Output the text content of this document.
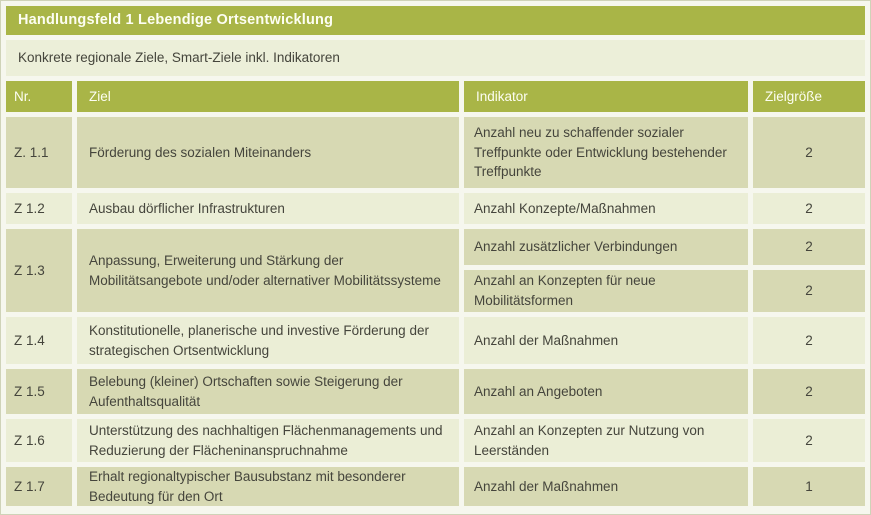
Handlungsfeld 1 Lebendige Ortsentwicklung			
Konkrete regionale Ziele, Smart-Ziele inkl. Indikatoren			
Nr.	Ziel	Indikator	Zielgröße
Z. 1.1	Förderung des sozialen Miteinanders	Anzahl neu zu schaffender sozialer Treffpunkte oder Entwicklung bestehender Treffpunkte	2
Z 1.2	Ausbau dörflicher Infrastrukturen	Anzahl Konzepte/Maßnahmen	2
Z 1.3	Anpassung, Erweiterung und Stärkung der Mobilitätsangebote und/oder alternativer Mobilitätssysteme	Anzahl zusätzlicher Verbindungen	2
		Anzahl an Konzepten für neue Mobilitätsformen	2
Z 1.4	Konstitutionelle, planerische und investive Förderung der strategischen Ortsentwicklung	Anzahl der Maßnahmen	2
Z 1.5	Belebung (kleiner) Ortschaften sowie Steigerung der Aufenthaltsqualität	Anzahl an Angeboten	2
Z 1.6	Unterstützung des nachhaltigen Flächenmanagements und Reduzierung der Flächeninanspruchnahme	Anzahl an Konzepten zur Nutzung von Leerständen	2
Z 1.7	Erhalt regionaltypischer Bausubstanz mit besonderer Bedeutung für den Ort	Anzahl der Maßnahmen	1
